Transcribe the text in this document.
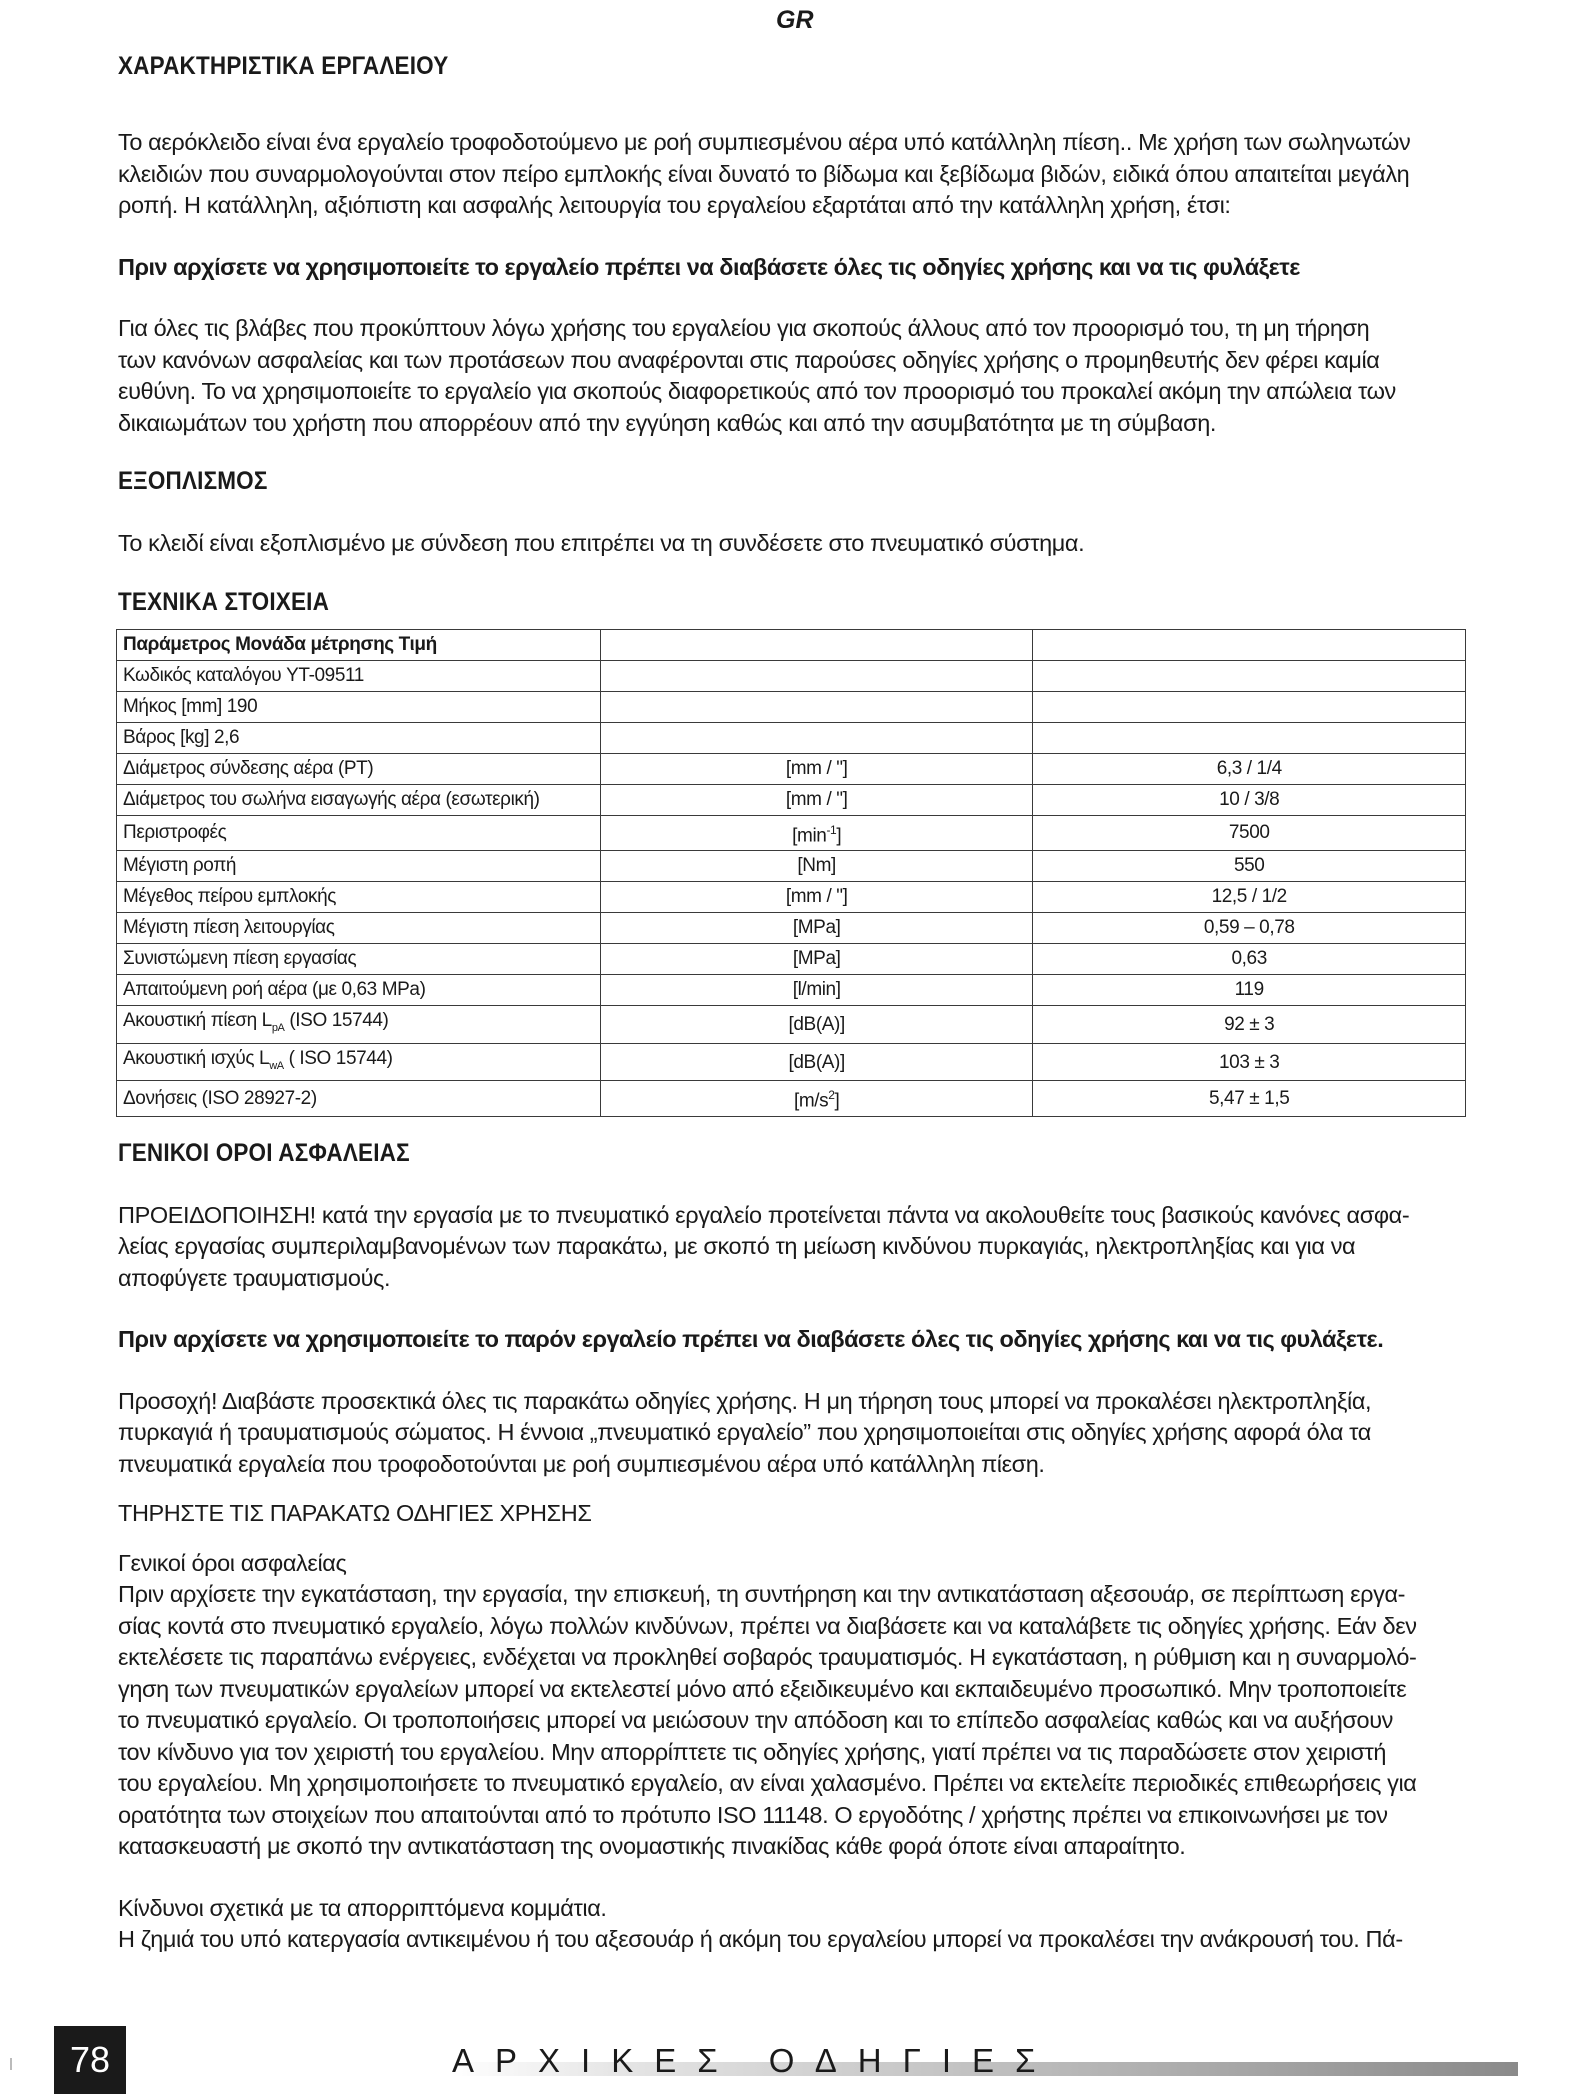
GR
ΧΑΡΑΚΤΗΡΙΣΤΙΚΑ ΕΡΓΑΛΕΙΟΥ
Το αερόκλειδο είναι ένα εργαλείο τροφοδοτούμενο με ροή συμπιεσμένου αέρα υπό κατάλληλη πίεση.. Με χρήση των σωληνωτών
κλειδιών που συναρμολογούνται στον πείρο εμπλοκής είναι δυνατό το βίδωμα και ξεβίδωμα βιδών, ειδικά όπου απαιτείται μεγάλη
ροπή. Η κατάλληλη, αξιόπιστη και ασφαλής λειτουργία του εργαλείου εξαρτάται από την κατάλληλη χρήση, έτσι:
Πριν αρχίσετε να χρησιμοποιείτε το εργαλείο πρέπει να διαβάσετε όλες τις οδηγίες χρήσης και να τις φυλάξετε
Για όλες τις βλάβες που προκύπτουν λόγω χρήσης του εργαλείου για σκοπούς άλλους από τον προορισμό του, τη μη τήρηση
των κανόνων ασφαλείας και των προτάσεων που αναφέρονται στις παρούσες οδηγίες χρήσης ο προμηθευτής δεν φέρει καμία
ευθύνη. Το να χρησιμοποιείτε το εργαλείο για σκοπούς διαφορετικούς από τον προορισμό του προκαλεί ακόμη την απώλεια των
δικαιωμάτων του χρήστη που απορρέουν από την εγγύηση καθώς και από την ασυμβατότητα με τη σύμβαση.
ΕΞΟΠΛΙΣΜΟΣ
Το κλειδί είναι εξοπλισμένο με σύνδεση που επιτρέπει να τη συνδέσετε στο πνευματικό σύστημα.
ΤΕΧΝΙΚΑ ΣΤΟΙΧΕΙΑ
Παράμετρος Μονάδα μέτρησης Τιμή		
Κωδικός καταλόγου YT-09511		
Μήκος [mm] 190		
Βάρος [kg] 2,6		
Διάμετρος σύνδεσης αέρα (PT)	[mm / "]	6,3 / 1/4
Διάμετρος του σωλήνα εισαγωγής αέρα (εσωτερική)	[mm / "]	10 / 3/8
Περιστροφές	$[\min^{-1}]$	7500
Μέγιστη ροπή	[Nm]	550
Μέγεθος πείρου εμπλοκής	[mm / "]	12,5 / 1/2
Μέγιστη πίεση λειτουργίας	[MPa]	0,59 – 0,78
Συνιστώμενη πίεση εργασίας	[MPa]	0,63
Απαιτούμενη ροή αέρα (με 0,63 MPa)	[l/min]	119
Ακουστική πίεση $L_{pA}$ (ISO 15744)	[dB(A)]	92 ± 3
Ακουστική ισχύς $L_{wA}$ ( ISO 15744)	[dB(A)]	103 ± 3
Δονήσεις (ISO 28927-2)	$[m/s^2]$	5,47 ± 1,5
ΓΕΝΙΚΟΙ ΟΡΟΙ ΑΣΦΑΛΕΙΑΣ
ΠΡΟΕΙΔΟΠΟΙΗΣΗ! κατά την εργασία με το πνευματικό εργαλείο προτείνεται πάντα να ακολουθείτε τους βασικούς κανόνες ασφα-
λείας εργασίας συμπεριλαμβανομένων των παρακάτω, με σκοπό τη μείωση κινδύνου πυρκαγιάς, ηλεκτροπληξίας και για να
αποφύγετε τραυματισμούς.
Πριν αρχίσετε να χρησιμοποιείτε το παρόν εργαλείο πρέπει να διαβάσετε όλες τις οδηγίες χρήσης και να τις φυλάξετε.
Προσοχή! Διαβάστε προσεκτικά όλες τις παρακάτω οδηγίες χρήσης. Η μη τήρηση τους μπορεί να προκαλέσει ηλεκτροπληξία,
πυρκαγιά ή τραυματισμούς σώματος. Η έννοια „πνευματικό εργαλείο” που χρησιμοποιείται στις οδηγίες χρήσης αφορά όλα τα
πνευματικά εργαλεία που τροφοδοτούνται με ροή συμπιεσμένου αέρα υπό κατάλληλη πίεση.
ΤΗΡΗΣΤΕ ΤΙΣ ΠΑΡΑΚΑΤΩ ΟΔΗΓΙΕΣ ΧΡΗΣΗΣ
Γενικοί όροι ασφαλείας
Πριν αρχίσετε την εγκατάσταση, την εργασία, την επισκευή, τη συντήρηση και την αντικατάσταση αξεσουάρ, σε περίπτωση εργα-
σίας κοντά στο πνευματικό εργαλείο, λόγω πολλών κινδύνων, πρέπει να διαβάσετε και να καταλάβετε τις οδηγίες χρήσης. Εάν δεν
εκτελέσετε τις παραπάνω ενέργειες, ενδέχεται να προκληθεί σοβαρός τραυματισμός. Η εγκατάσταση, η ρύθμιση και η συναρμολό-
γηση των πνευματικών εργαλείων μπορεί να εκτελεστεί μόνο από εξειδικευμένο και εκπαιδευμένο προσωπικό. Μην τροποποιείτε
το πνευματικό εργαλείο. Οι τροποποιήσεις μπορεί να μειώσουν την απόδοση και το επίπεδο ασφαλείας καθώς και να αυξήσουν
τον κίνδυνο για τον χειριστή του εργαλείου. Μην απορρίπτετε τις οδηγίες χρήσης, γιατί πρέπει να τις παραδώσετε στον χειριστή
του εργαλείου. Μη χρησιμοποιήσετε το πνευματικό εργαλείο, αν είναι χαλασμένο. Πρέπει να εκτελείτε περιοδικές επιθεωρήσεις για
ορατότητα των στοιχείων που απαιτούνται από το πρότυπο ISO 11148. Ο εργοδότης / χρήστης πρέπει να επικοινωνήσει με τον
κατασκευαστή με σκοπό την αντικατάσταση της ονομαστικής πινακίδας κάθε φορά όποτε είναι απαραίτητο.
Κίνδυνοι σχετικά με τα απορριπτόμενα κομμάτια.
Η ζημιά του υπό κατεργασία αντικειμένου ή του αξεσουάρ ή ακόμη του εργαλείου μπορεί να προκαλέσει την ανάκρουσή του. Πά-
78	ΑΡΧΙΚΕΣ ΟΔΗΓΙΕΣ
